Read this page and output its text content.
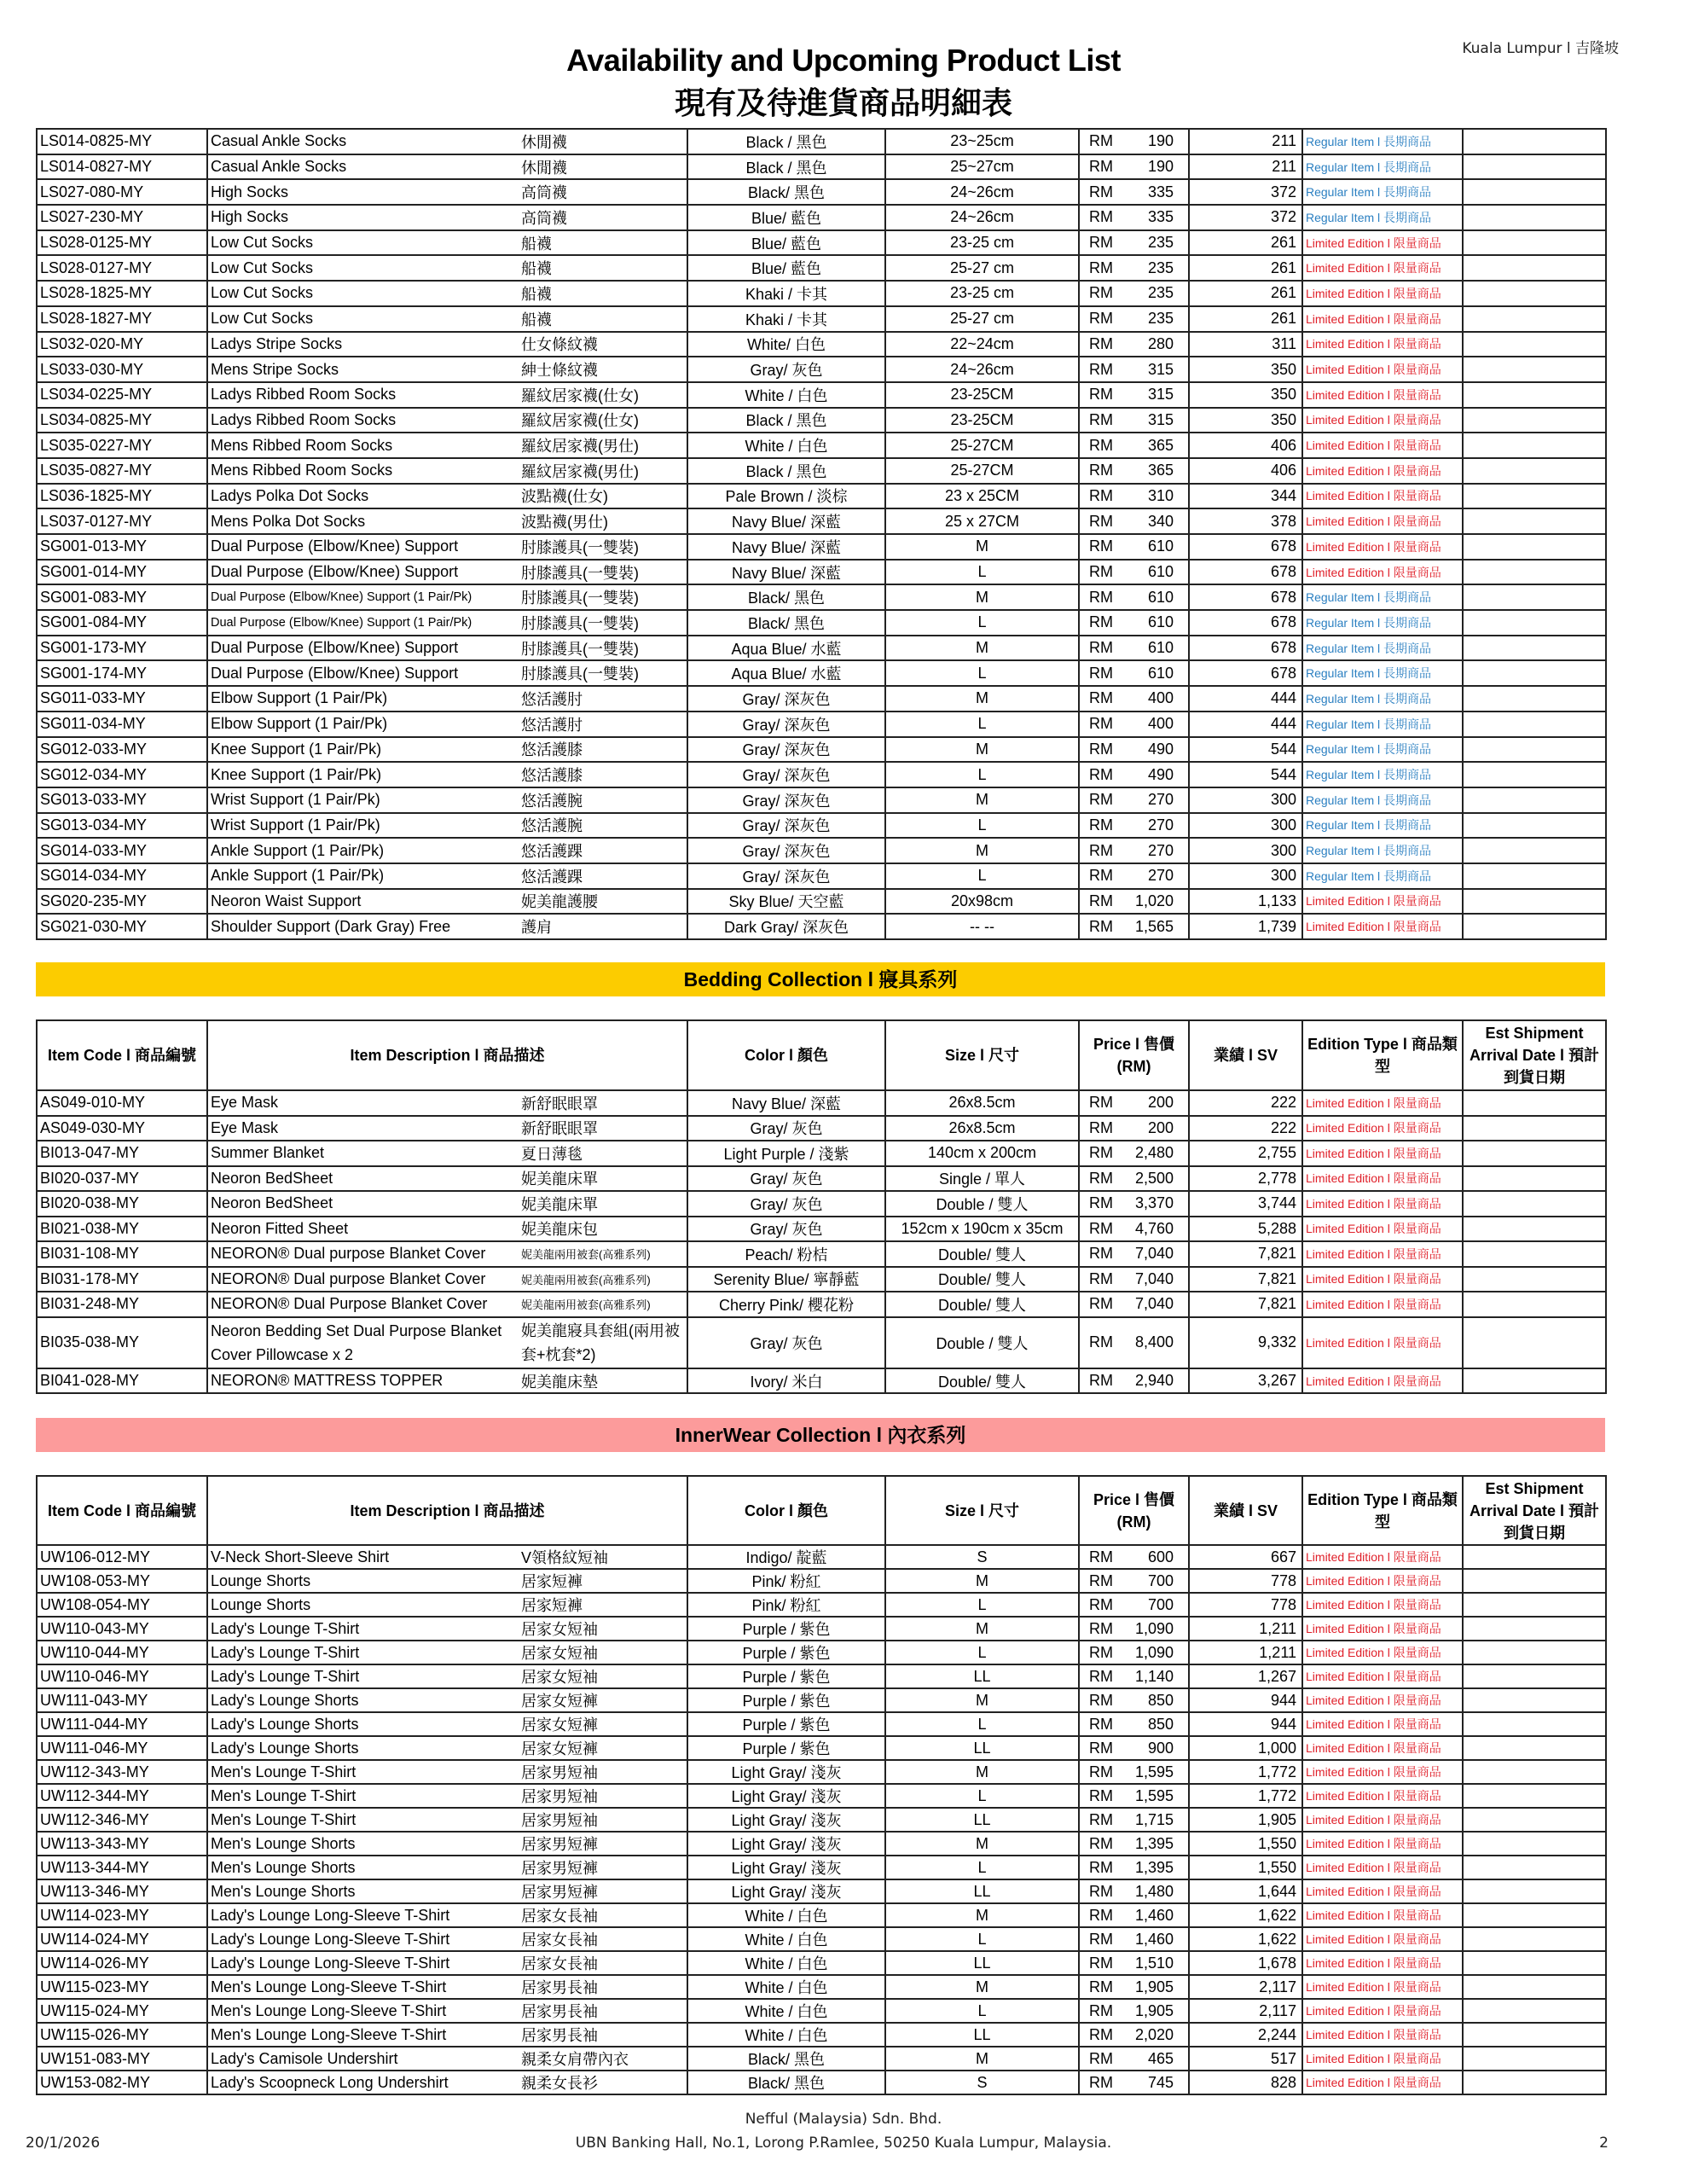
Availability and Upcoming Product List
現有及待進貨商品明細表
Kuala Lumpur l 吉隆坡
LS014-0825-MY	Casual Ankle Socks	休閒襪	Black / 黑色	23~25cm	RM 190	211	Regular Item l 長期商品	
LS014-0827-MY	Casual Ankle Socks	休閒襪	Black / 黑色	25~27cm	RM 190	211	Regular Item l 長期商品	
LS027-080-MY	High Socks	高筒襪	Black/ 黑色	24~26cm	RM 335	372	Regular Item l 長期商品	
LS027-230-MY	High Socks	高筒襪	Blue/ 藍色	24~26cm	RM 335	372	Regular Item l 長期商品	
LS028-0125-MY	Low Cut Socks	船襪	Blue/ 藍色	23-25 cm	RM 235	261	Limited Edition l 限量商品	
LS028-0127-MY	Low Cut Socks	船襪	Blue/ 藍色	25-27 cm	RM 235	261	Limited Edition l 限量商品	
LS028-1825-MY	Low Cut Socks	船襪	Khaki / 卡其	23-25 cm	RM 235	261	Limited Edition l 限量商品	
LS028-1827-MY	Low Cut Socks	船襪	Khaki / 卡其	25-27 cm	RM 235	261	Limited Edition l 限量商品	
LS032-020-MY	Ladys Stripe Socks	仕女條紋襪	White/ 白色	22~24cm	RM 280	311	Limited Edition l 限量商品	
LS033-030-MY	Mens Stripe Socks	紳士條紋襪	Gray/ 灰色	24~26cm	RM 315	350	Limited Edition l 限量商品	
LS034-0225-MY	Ladys Ribbed Room Socks	羅紋居家襪(仕女)	White / 白色	23-25CM	RM 315	350	Limited Edition l 限量商品	
LS034-0825-MY	Ladys Ribbed Room Socks	羅紋居家襪(仕女)	Black / 黑色	23-25CM	RM 315	350	Limited Edition l 限量商品	
LS035-0227-MY	Mens Ribbed Room Socks	羅紋居家襪(男仕)	White / 白色	25-27CM	RM 365	406	Limited Edition l 限量商品	
LS035-0827-MY	Mens Ribbed Room Socks	羅紋居家襪(男仕)	Black / 黑色	25-27CM	RM 365	406	Limited Edition l 限量商品	
LS036-1825-MY	Ladys Polka Dot Socks	波點襪(仕女)	Pale Brown / 淡棕	23 x 25CM	RM 310	344	Limited Edition l 限量商品	
LS037-0127-MY	Mens Polka Dot Socks	波點襪(男仕)	Navy Blue/ 深藍	25 x 27CM	RM 340	378	Limited Edition l 限量商品	
SG001-013-MY	Dual Purpose (Elbow/Knee) Support	肘膝護具(一雙裝)	Navy Blue/ 深藍	M	RM 610	678	Limited Edition l 限量商品	
SG001-014-MY	Dual Purpose (Elbow/Knee) Support	肘膝護具(一雙裝)	Navy Blue/ 深藍	L	RM 610	678	Limited Edition l 限量商品	
SG001-083-MY	Dual Purpose (Elbow/Knee) Support (1 Pair/Pk)	肘膝護具(一雙裝)	Black/ 黑色	M	RM 610	678	Regular Item l 長期商品	
SG001-084-MY	Dual Purpose (Elbow/Knee) Support (1 Pair/Pk)	肘膝護具(一雙裝)	Black/ 黑色	L	RM 610	678	Regular Item l 長期商品	
SG001-173-MY	Dual Purpose (Elbow/Knee) Support	肘膝護具(一雙裝)	Aqua Blue/ 水藍	M	RM 610	678	Regular Item l 長期商品	
SG001-174-MY	Dual Purpose (Elbow/Knee) Support	肘膝護具(一雙裝)	Aqua Blue/ 水藍	L	RM 610	678	Regular Item l 長期商品	
SG011-033-MY	Elbow Support (1 Pair/Pk)	悠活護肘	Gray/ 深灰色	M	RM 400	444	Regular Item l 長期商品	
SG011-034-MY	Elbow Support (1 Pair/Pk)	悠活護肘	Gray/ 深灰色	L	RM 400	444	Regular Item l 長期商品	
SG012-033-MY	Knee Support (1 Pair/Pk)	悠活護膝	Gray/ 深灰色	M	RM 490	544	Regular Item l 長期商品	
SG012-034-MY	Knee Support (1 Pair/Pk)	悠活護膝	Gray/ 深灰色	L	RM 490	544	Regular Item l 長期商品	
SG013-033-MY	Wrist Support (1 Pair/Pk)	悠活護腕	Gray/ 深灰色	M	RM 270	300	Regular Item l 長期商品	
SG013-034-MY	Wrist Support (1 Pair/Pk)	悠活護腕	Gray/ 深灰色	L	RM 270	300	Regular Item l 長期商品	
SG014-033-MY	Ankle Support (1 Pair/Pk)	悠活護踝	Gray/ 深灰色	M	RM 270	300	Regular Item l 長期商品	
SG014-034-MY	Ankle Support (1 Pair/Pk)	悠活護踝	Gray/ 深灰色	L	RM 270	300	Regular Item l 長期商品	
SG020-235-MY	Neoron Waist Support	妮美龍護腰	Sky Blue/ 天空藍	20x98cm	RM 1,020	1,133	Limited Edition l 限量商品	
SG021-030-MY	Shoulder Support (Dark Gray) Free	護肩	Dark Gray/ 深灰色	-- --	RM 1,565	1,739	Limited Edition l 限量商品	
Bedding Collection l 寢具系列
Item Code l 商品編號	Item Description l 商品描述		Color l 顏色	Size l 尺寸	Price l 售價 (RM)	業績 l SV	Edition Type l 商品類型	Est Shipment Arrival Date l 預計到貨日期
AS049-010-MY	Eye Mask	新舒眠眼罩	Navy Blue/ 深藍	26x8.5cm	RM 200	222	Limited Edition l 限量商品	
AS049-030-MY	Eye Mask	新舒眠眼罩	Gray/ 灰色	26x8.5cm	RM 200	222	Limited Edition l 限量商品	
BI013-047-MY	Summer Blanket	夏日薄毯	Light Purple / 淺紫	140cm x 200cm	RM 2,480	2,755	Limited Edition l 限量商品	
BI020-037-MY	Neoron BedSheet	妮美龍床單	Gray/ 灰色	Single / 單人	RM 2,500	2,778	Limited Edition l 限量商品	
BI020-038-MY	Neoron BedSheet	妮美龍床單	Gray/ 灰色	Double / 雙人	RM 3,370	3,744	Limited Edition l 限量商品	
BI021-038-MY	Neoron Fitted Sheet	妮美龍床包	Gray/ 灰色	152cm x 190cm x 35cm	RM 4,760	5,288	Limited Edition l 限量商品	
BI031-108-MY	NEORON® Dual purpose Blanket Cover	妮美龍兩用被套(高雅系列)	Peach/ 粉桔	Double/ 雙人	RM 7,040	7,821	Limited Edition l 限量商品	
BI031-178-MY	NEORON® Dual purpose Blanket Cover	妮美龍兩用被套(高雅系列)	Serenity Blue/ 寧靜藍	Double/ 雙人	RM 7,040	7,821	Limited Edition l 限量商品	
BI031-248-MY	NEORON® Dual Purpose Blanket Cover	妮美龍兩用被套(高雅系列)	Cherry Pink/ 櫻花粉	Double/ 雙人	RM 7,040	7,821	Limited Edition l 限量商品	
BI035-038-MY	Neoron Bedding Set Dual Purpose Blanket Cover Pillowcase x 2	妮美龍寢具套組(兩用被套+枕套*2)	Gray/ 灰色	Double / 雙人	RM 8,400	9,332	Limited Edition l 限量商品	
BI041-028-MY	NEORON® MATTRESS TOPPER	妮美龍床墊	Ivory/ 米白	Double/ 雙人	RM 2,940	3,267	Limited Edition l 限量商品	
InnerWear Collection l 內衣系列
Item Code l 商品編號	Item Description l 商品描述		Color l 顏色	Size l 尺寸	Price l 售價 (RM)	業績 l SV	Edition Type l 商品類型	Est Shipment Arrival Date l 預計到貨日期
UW106-012-MY	V-Neck Short-Sleeve Shirt	V領格紋短袖	Indigo/ 靛藍	S	RM 600	667	Limited Edition l 限量商品	
UW108-053-MY	Lounge Shorts	居家短褲	Pink/ 粉紅	M	RM 700	778	Limited Edition l 限量商品	
UW108-054-MY	Lounge Shorts	居家短褲	Pink/ 粉紅	L	RM 700	778	Limited Edition l 限量商品	
UW110-043-MY	Lady's Lounge T-Shirt	居家女短袖	Purple / 紫色	M	RM 1,090	1,211	Limited Edition l 限量商品	
UW110-044-MY	Lady's Lounge T-Shirt	居家女短袖	Purple / 紫色	L	RM 1,090	1,211	Limited Edition l 限量商品	
UW110-046-MY	Lady's Lounge T-Shirt	居家女短袖	Purple / 紫色	LL	RM 1,140	1,267	Limited Edition l 限量商品	
UW111-043-MY	Lady's Lounge Shorts	居家女短褲	Purple / 紫色	M	RM 850	944	Limited Edition l 限量商品	
UW111-044-MY	Lady's Lounge Shorts	居家女短褲	Purple / 紫色	L	RM 850	944	Limited Edition l 限量商品	
UW111-046-MY	Lady's Lounge Shorts	居家女短褲	Purple / 紫色	LL	RM 900	1,000	Limited Edition l 限量商品	
UW112-343-MY	Men's Lounge T-Shirt	居家男短袖	Light Gray/ 淺灰	M	RM 1,595	1,772	Limited Edition l 限量商品	
UW112-344-MY	Men's Lounge T-Shirt	居家男短袖	Light Gray/ 淺灰	L	RM 1,595	1,772	Limited Edition l 限量商品	
UW112-346-MY	Men's Lounge T-Shirt	居家男短袖	Light Gray/ 淺灰	LL	RM 1,715	1,905	Limited Edition l 限量商品	
UW113-343-MY	Men's Lounge Shorts	居家男短褲	Light Gray/ 淺灰	M	RM 1,395	1,550	Limited Edition l 限量商品	
UW113-344-MY	Men's Lounge Shorts	居家男短褲	Light Gray/ 淺灰	L	RM 1,395	1,550	Limited Edition l 限量商品	
UW113-346-MY	Men's Lounge Shorts	居家男短褲	Light Gray/ 淺灰	LL	RM 1,480	1,644	Limited Edition l 限量商品	
UW114-023-MY	Lady's Lounge Long-Sleeve T-Shirt	居家女長袖	White / 白色	M	RM 1,460	1,622	Limited Edition l 限量商品	
UW114-024-MY	Lady's Lounge Long-Sleeve T-Shirt	居家女長袖	White / 白色	L	RM 1,460	1,622	Limited Edition l 限量商品	
UW114-026-MY	Lady's Lounge Long-Sleeve T-Shirt	居家女長袖	White / 白色	LL	RM 1,510	1,678	Limited Edition l 限量商品	
UW115-023-MY	Men's Lounge Long-Sleeve T-Shirt	居家男長袖	White / 白色	M	RM 1,905	2,117	Limited Edition l 限量商品	
UW115-024-MY	Men's Lounge Long-Sleeve T-Shirt	居家男長袖	White / 白色	L	RM 1,905	2,117	Limited Edition l 限量商品	
UW115-026-MY	Men's Lounge Long-Sleeve T-Shirt	居家男長袖	White / 白色	LL	RM 2,020	2,244	Limited Edition l 限量商品	
UW151-083-MY	Lady's Camisole Undershirt	親柔女肩帶內衣	Black/ 黑色	M	RM 465	517	Limited Edition l 限量商品	
UW153-082-MY	Lady's Scoopneck Long Undershirt	親柔女長衫	Black/ 黑色	S	RM 745	828	Limited Edition l 限量商品	
Nefful (Malaysia) Sdn. Bhd.
UBN Banking Hall, No.1, Lorong P.Ramlee, 50250 Kuala Lumpur, Malaysia.
20/1/2026	2
